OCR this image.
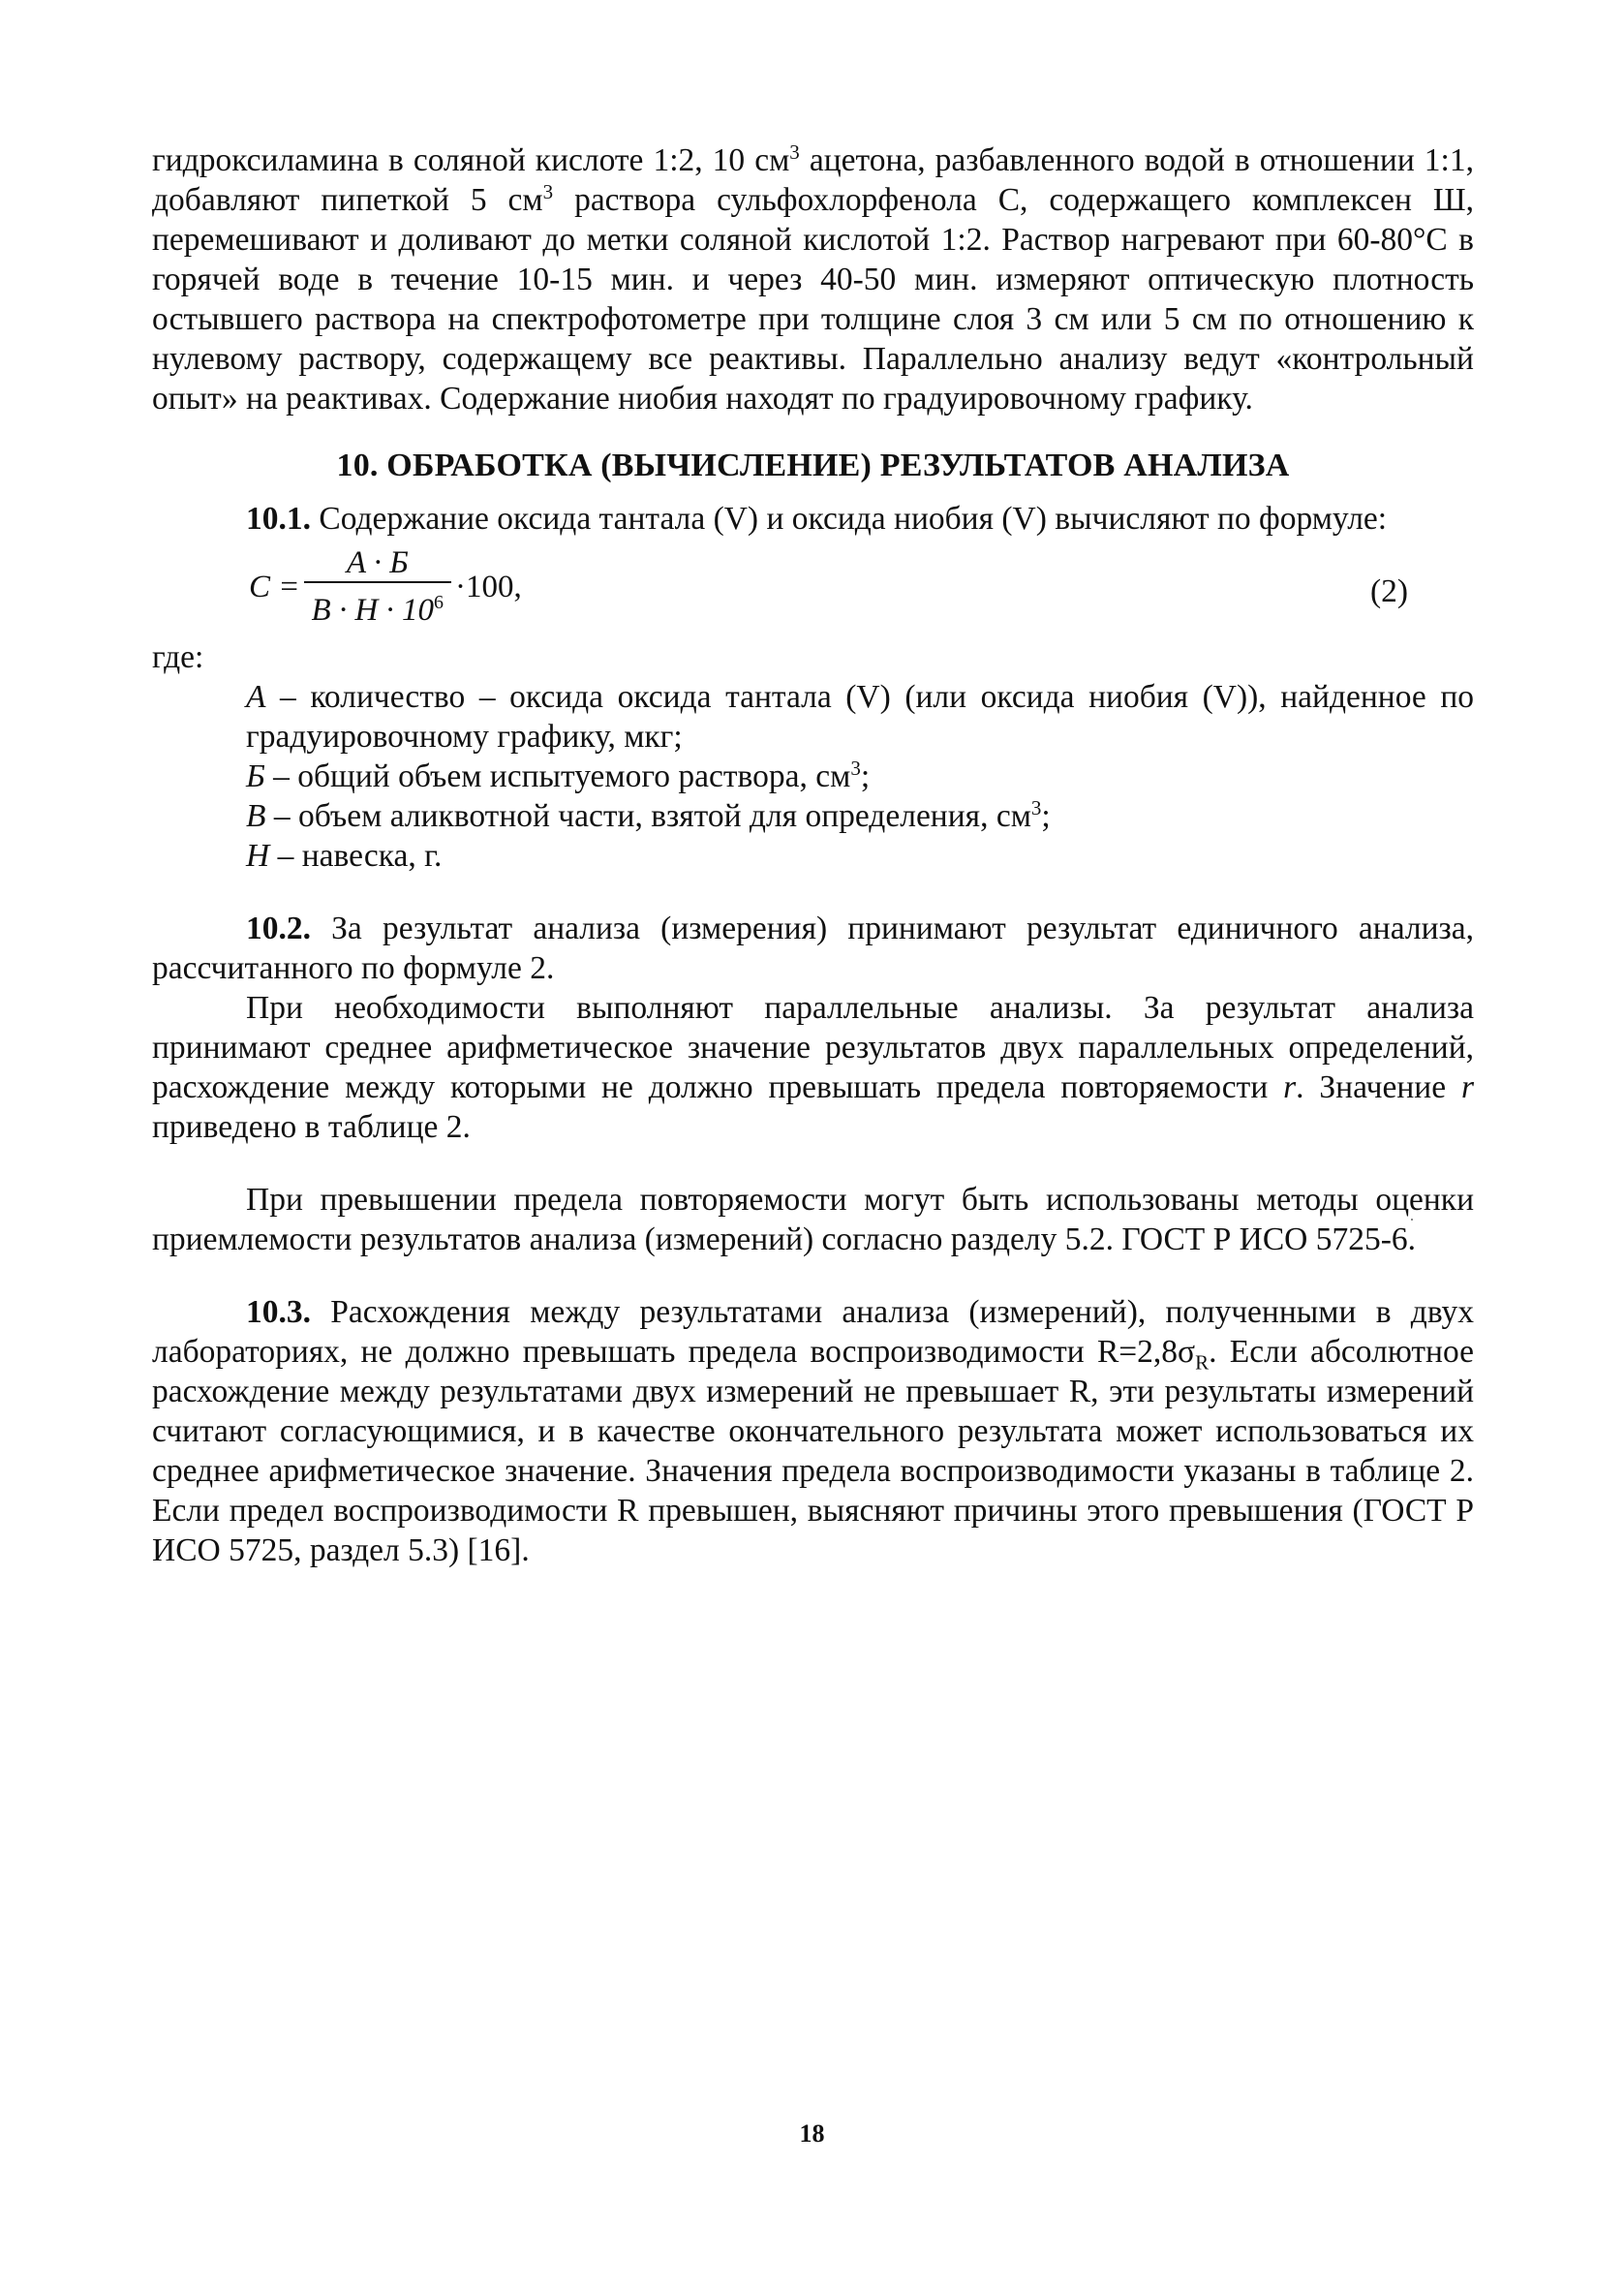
гидроксиламина в соляной кислоте 1:2, 10 $см^3$ ацетона, разбавленного водой в отношении 1:1, добавляют пипеткой 5 $см^3$ раствора сульфохлорфенола С, содержащего комплексен Ш, перемешивают и доливают до метки соляной кислотой 1:2. Раствор нагревают при 60-80°С в горячей воде в течение 10-15 мин. и через 40-50 мин. измеряют оптическую плотность остывшего раствора на спектрофотометре при толщине слоя 3 см или 5 см по отношению к нулевому раствору, содержащему все реактивы. Параллельно анализу ведут «контрольный опыт» на реактивах. Содержание ниобия находят по градуировочному графику.

10. ОБРАБОТКА (ВЫЧИСЛЕНИЕ) РЕЗУЛЬТАТОВ АНАЛИЗА

10.1. Содержание оксида тантала (V) и оксида ниобия (V) вычисляют по формуле:

$C = \frac{A \cdot Б}{B \cdot H \cdot 10^6} \cdot 100$,	(2)

где:

A – количество – оксида оксида тантала (V) (или оксида ниобия (V)), найденное по градуировочному графику, мкг;

Б – общий объем испытуемого раствора, $см^3$;

B – объем аликвотной части, взятой для определения, $см^3$;

H – навеска, г.

10.2. За результат анализа (измерения) принимают результат единичного анализа, рассчитанного по формуле 2.

При необходимости выполняют параллельные анализы. За результат анализа принимают среднее арифметическое значение результатов двух параллельных определений, расхождение между которыми не должно превышать предела повторяемости r. Значение r приведено в таблице 2.

При превышении предела повторяемости могут быть использованы методы оценки приемлемости результатов анализа (измерений) согласно разделу 5.2. ГОСТ Р ИСО 5725-6.

10.3. Расхождения между результатами анализа (измерений), полученными в двух лабораториях, не должно превышать предела воспроизводимости $R=2,8\sigma_R$. Если абсолютное расхождение между результатами двух измерений не превышает R, эти результаты измерений считают согласующимися, и в качестве окончательного результата может использоваться их среднее арифметическое значение. Значения предела воспроизводимости указаны в таблице 2. Если предел воспроизводимости R превышен, выясняют причины этого превышения (ГОСТ Р ИСО 5725, раздел 5.3) [16].

18
